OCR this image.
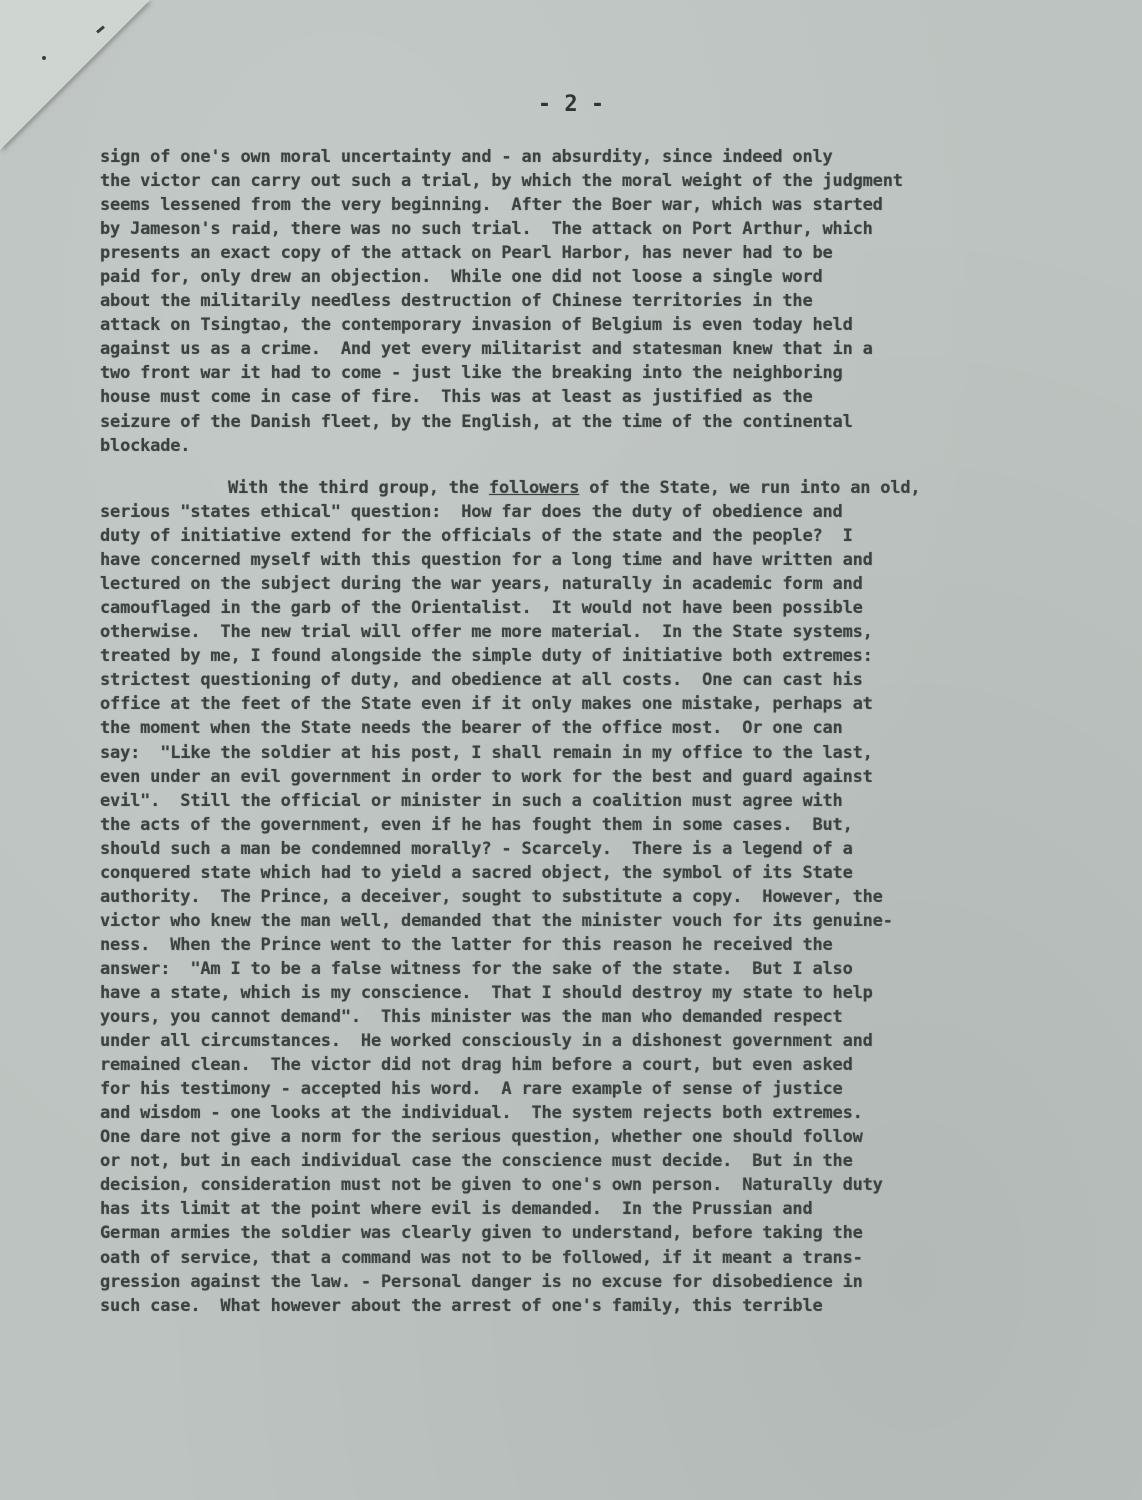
- 2 -
sign of one's own moral uncertainty and - an absurdity, since indeed only
the victor can carry out such a trial, by which the moral weight of the judgment
seems lessened from the very beginning.  After the Boer war, which was started
by Jameson's raid, there was no such trial.  The attack on Port Arthur, which
presents an exact copy of the attack on Pearl Harbor, has never had to be
paid for, only drew an objection.  While one did not loose a single word
about the militarily needless destruction of Chinese territories in the
attack on Tsingtao, the contemporary invasion of Belgium is even today held
against us as a crime.  And yet every militarist and statesman knew that in a
two front war it had to come - just like the breaking into the neighboring
house must come in case of fire.  This was at least as justified as the
seizure of the Danish fleet, by the English, at the time of the continental
blockade.
With the third group, the followers of the State, we run into an old,
serious "states ethical" question:  How far does the duty of obedience and
duty of initiative extend for the officials of the state and the people?  I
have concerned myself with this question for a long time and have written and
lectured on the subject during the war years, naturally in academic form and
camouflaged in the garb of the Orientalist.  It would not have been possible
otherwise.  The new trial will offer me more material.  In the State systems,
treated by me, I found alongside the simple duty of initiative both extremes:
strictest questioning of duty, and obedience at all costs.  One can cast his
office at the feet of the State even if it only makes one mistake, perhaps at
the moment when the State needs the bearer of the office most.  Or one can
say:  "Like the soldier at his post, I shall remain in my office to the last,
even under an evil government in order to work for the best and guard against
evil".  Still the official or minister in such a coalition must agree with
the acts of the government, even if he has fought them in some cases.  But,
should such a man be condemned morally? - Scarcely.  There is a legend of a
conquered state which had to yield a sacred object, the symbol of its State
authority.  The Prince, a deceiver, sought to substitute a copy.  However, the
victor who knew the man well, demanded that the minister vouch for its genuine-
ness.  When the Prince went to the latter for this reason he received the
answer:  "Am I to be a false witness for the sake of the state.  But I also
have a state, which is my conscience.  That I should destroy my state to help
yours, you cannot demand".  This minister was the man who demanded respect
under all circumstances.  He worked consciously in a dishonest government and
remained clean.  The victor did not drag him before a court, but even asked
for his testimony - accepted his word.  A rare example of sense of justice
and wisdom - one looks at the individual.  The system rejects both extremes.
One dare not give a norm for the serious question, whether one should follow
or not, but in each individual case the conscience must decide.  But in the
decision, consideration must not be given to one's own person.  Naturally duty
has its limit at the point where evil is demanded.  In the Prussian and
German armies the soldier was clearly given to understand, before taking the
oath of service, that a command was not to be followed, if it meant a trans-
gression against the law. - Personal danger is no excuse for disobedience in
such case.  What however about the arrest of one's family, this terrible
